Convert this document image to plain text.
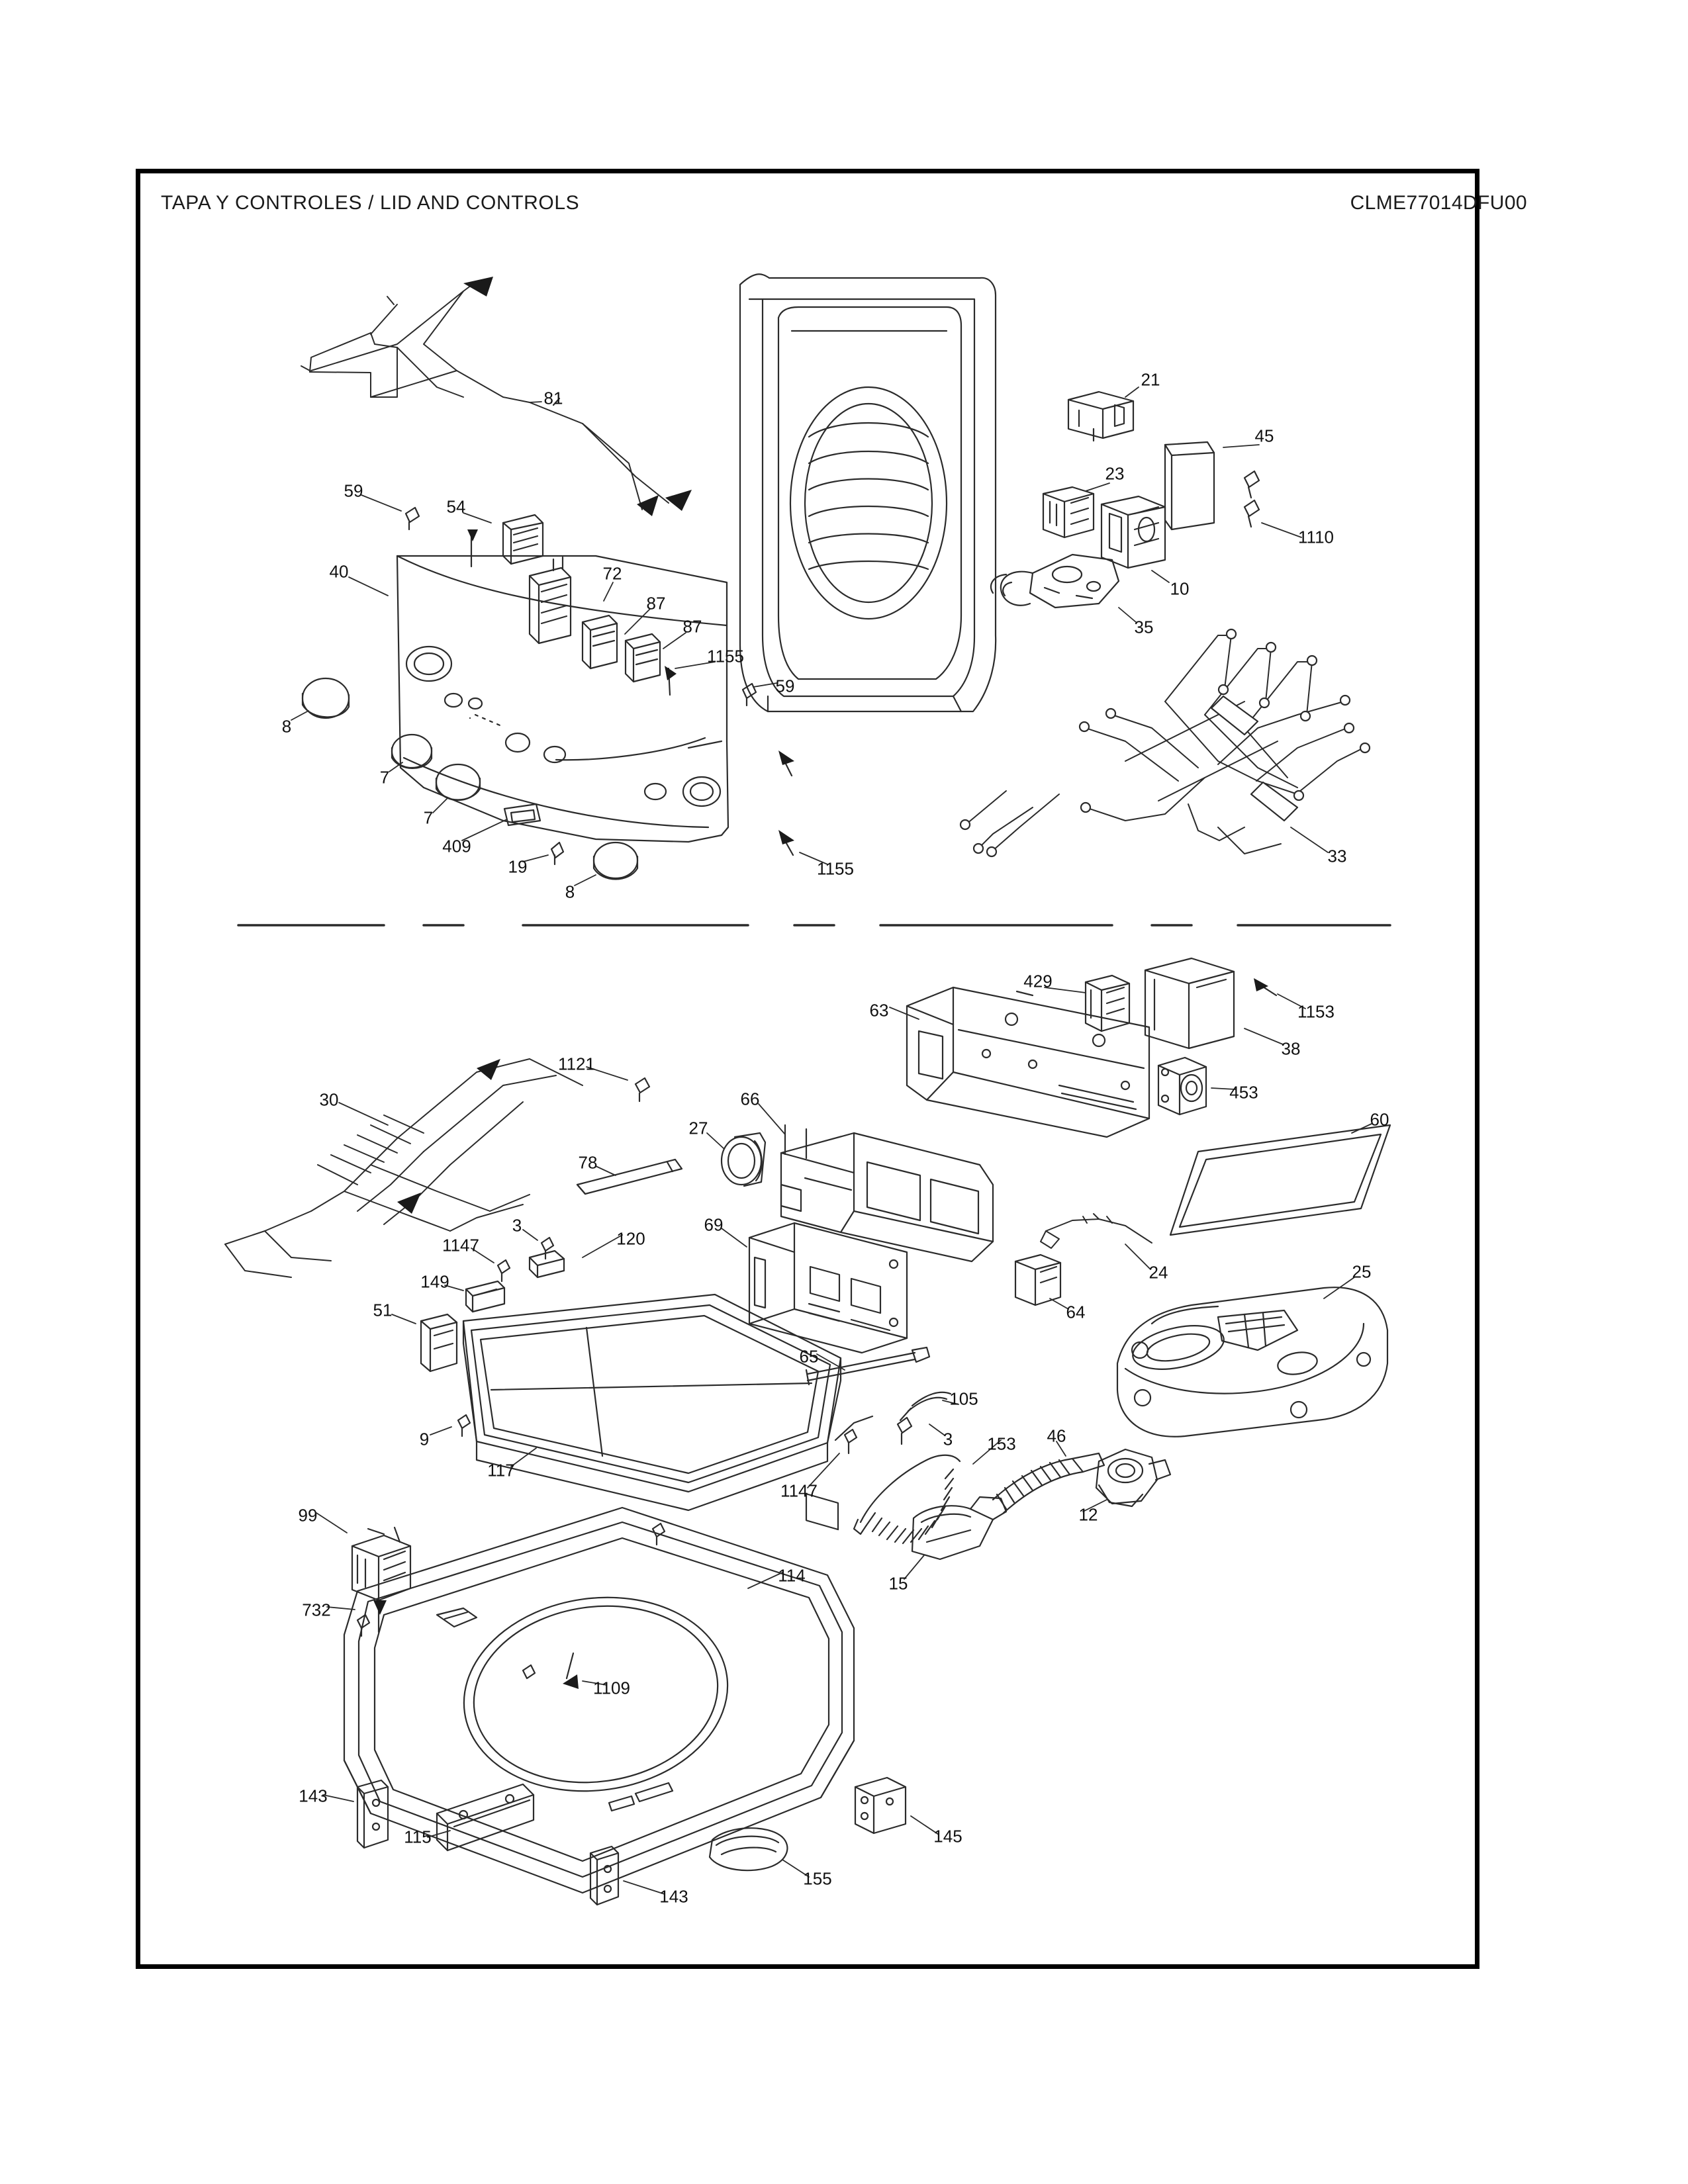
TAPA Y CONTROLES / LID AND CONTROLS	CLME77014DFU00
81
21
45
23
1110
59
54
10
40	72
35
87
87
1155
59
8
7
7
409
19
8
1155
33
63
429
1153
38
453
1121
30
27
66
60
78
120
3
1147
69
149
51
24
64
25
65
9
117
105
3 153 46
1147
12
15
99
114
732
1109
143
115	145
143
155
